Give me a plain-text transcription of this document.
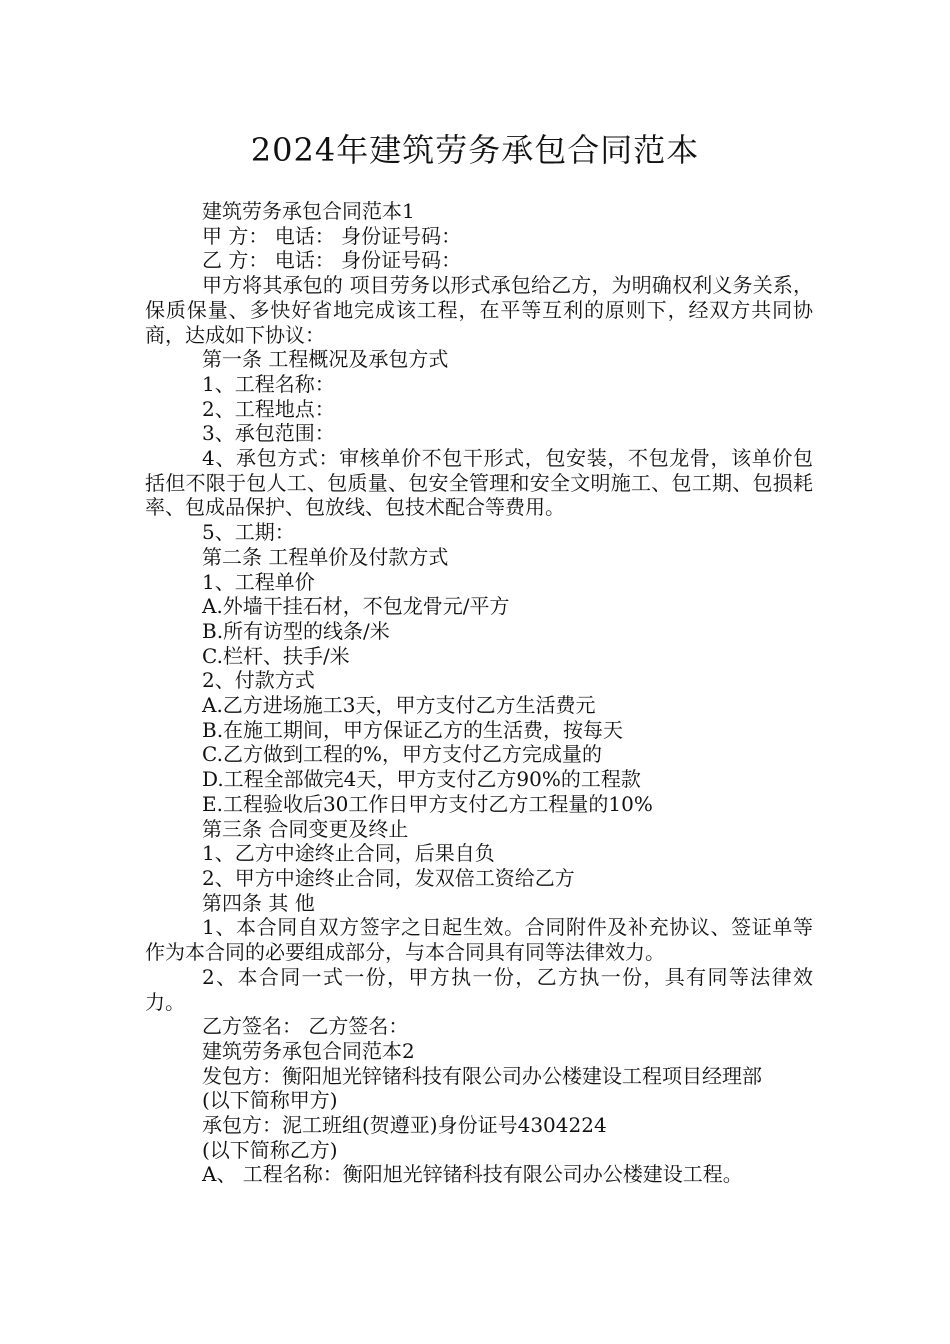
2024年建筑劳务承包合同范本

建筑劳务承包合同范本1

甲 方： 电话： 身份证号码：

乙 方： 电话： 身份证号码：

甲方将其承包的 项目劳务以形式承包给乙方，为明确权利义务关系，保质保量、多快好省地完成该工程，在平等互利的原则下，经双方共同协商，达成如下协议：

第一条 工程概况及承包方式

1、工程名称：

2、工程地点：

3、承包范围：

4、承包方式：审核单价不包干形式，包安装，不包龙骨，该单价包括但不限于包人工、包质量、包安全管理和安全文明施工、包工期、包损耗率、包成品保护、包放线、包技术配合等费用。

5、工期：

第二条 工程单价及付款方式

1、工程单价

A.外墙干挂石材，不包龙骨元/平方

B.所有访型的线条/米

C.栏杆、扶手/米

2、付款方式

A.乙方进场施工3天，甲方支付乙方生活费元

B.在施工期间，甲方保证乙方的生活费，按每天

C.乙方做到工程的%，甲方支付乙方完成量的

D.工程全部做完4天，甲方支付乙方90%的工程款

E.工程验收后30工作日甲方支付乙方工程量的10%

第三条 合同变更及终止

1、乙方中途终止合同，后果自负

2、甲方中途终止合同，发双倍工资给乙方

第四条 其 他

1、本合同自双方签字之日起生效。合同附件及补充协议、签证单等作为本合同的必要组成部分，与本合同具有同等法律效力。

2、本合同一式一份，甲方执一份，乙方执一份，具有同等法律效力。

乙方签名： 乙方签名：

建筑劳务承包合同范本2

发包方：衡阳旭光锌锗科技有限公司办公楼建设工程项目经理部

(以下简称甲方)

承包方：泥工班组(贺遵亚)身份证号4304224

(以下简称乙方)

A、 工程名称：衡阳旭光锌锗科技有限公司办公楼建设工程。
